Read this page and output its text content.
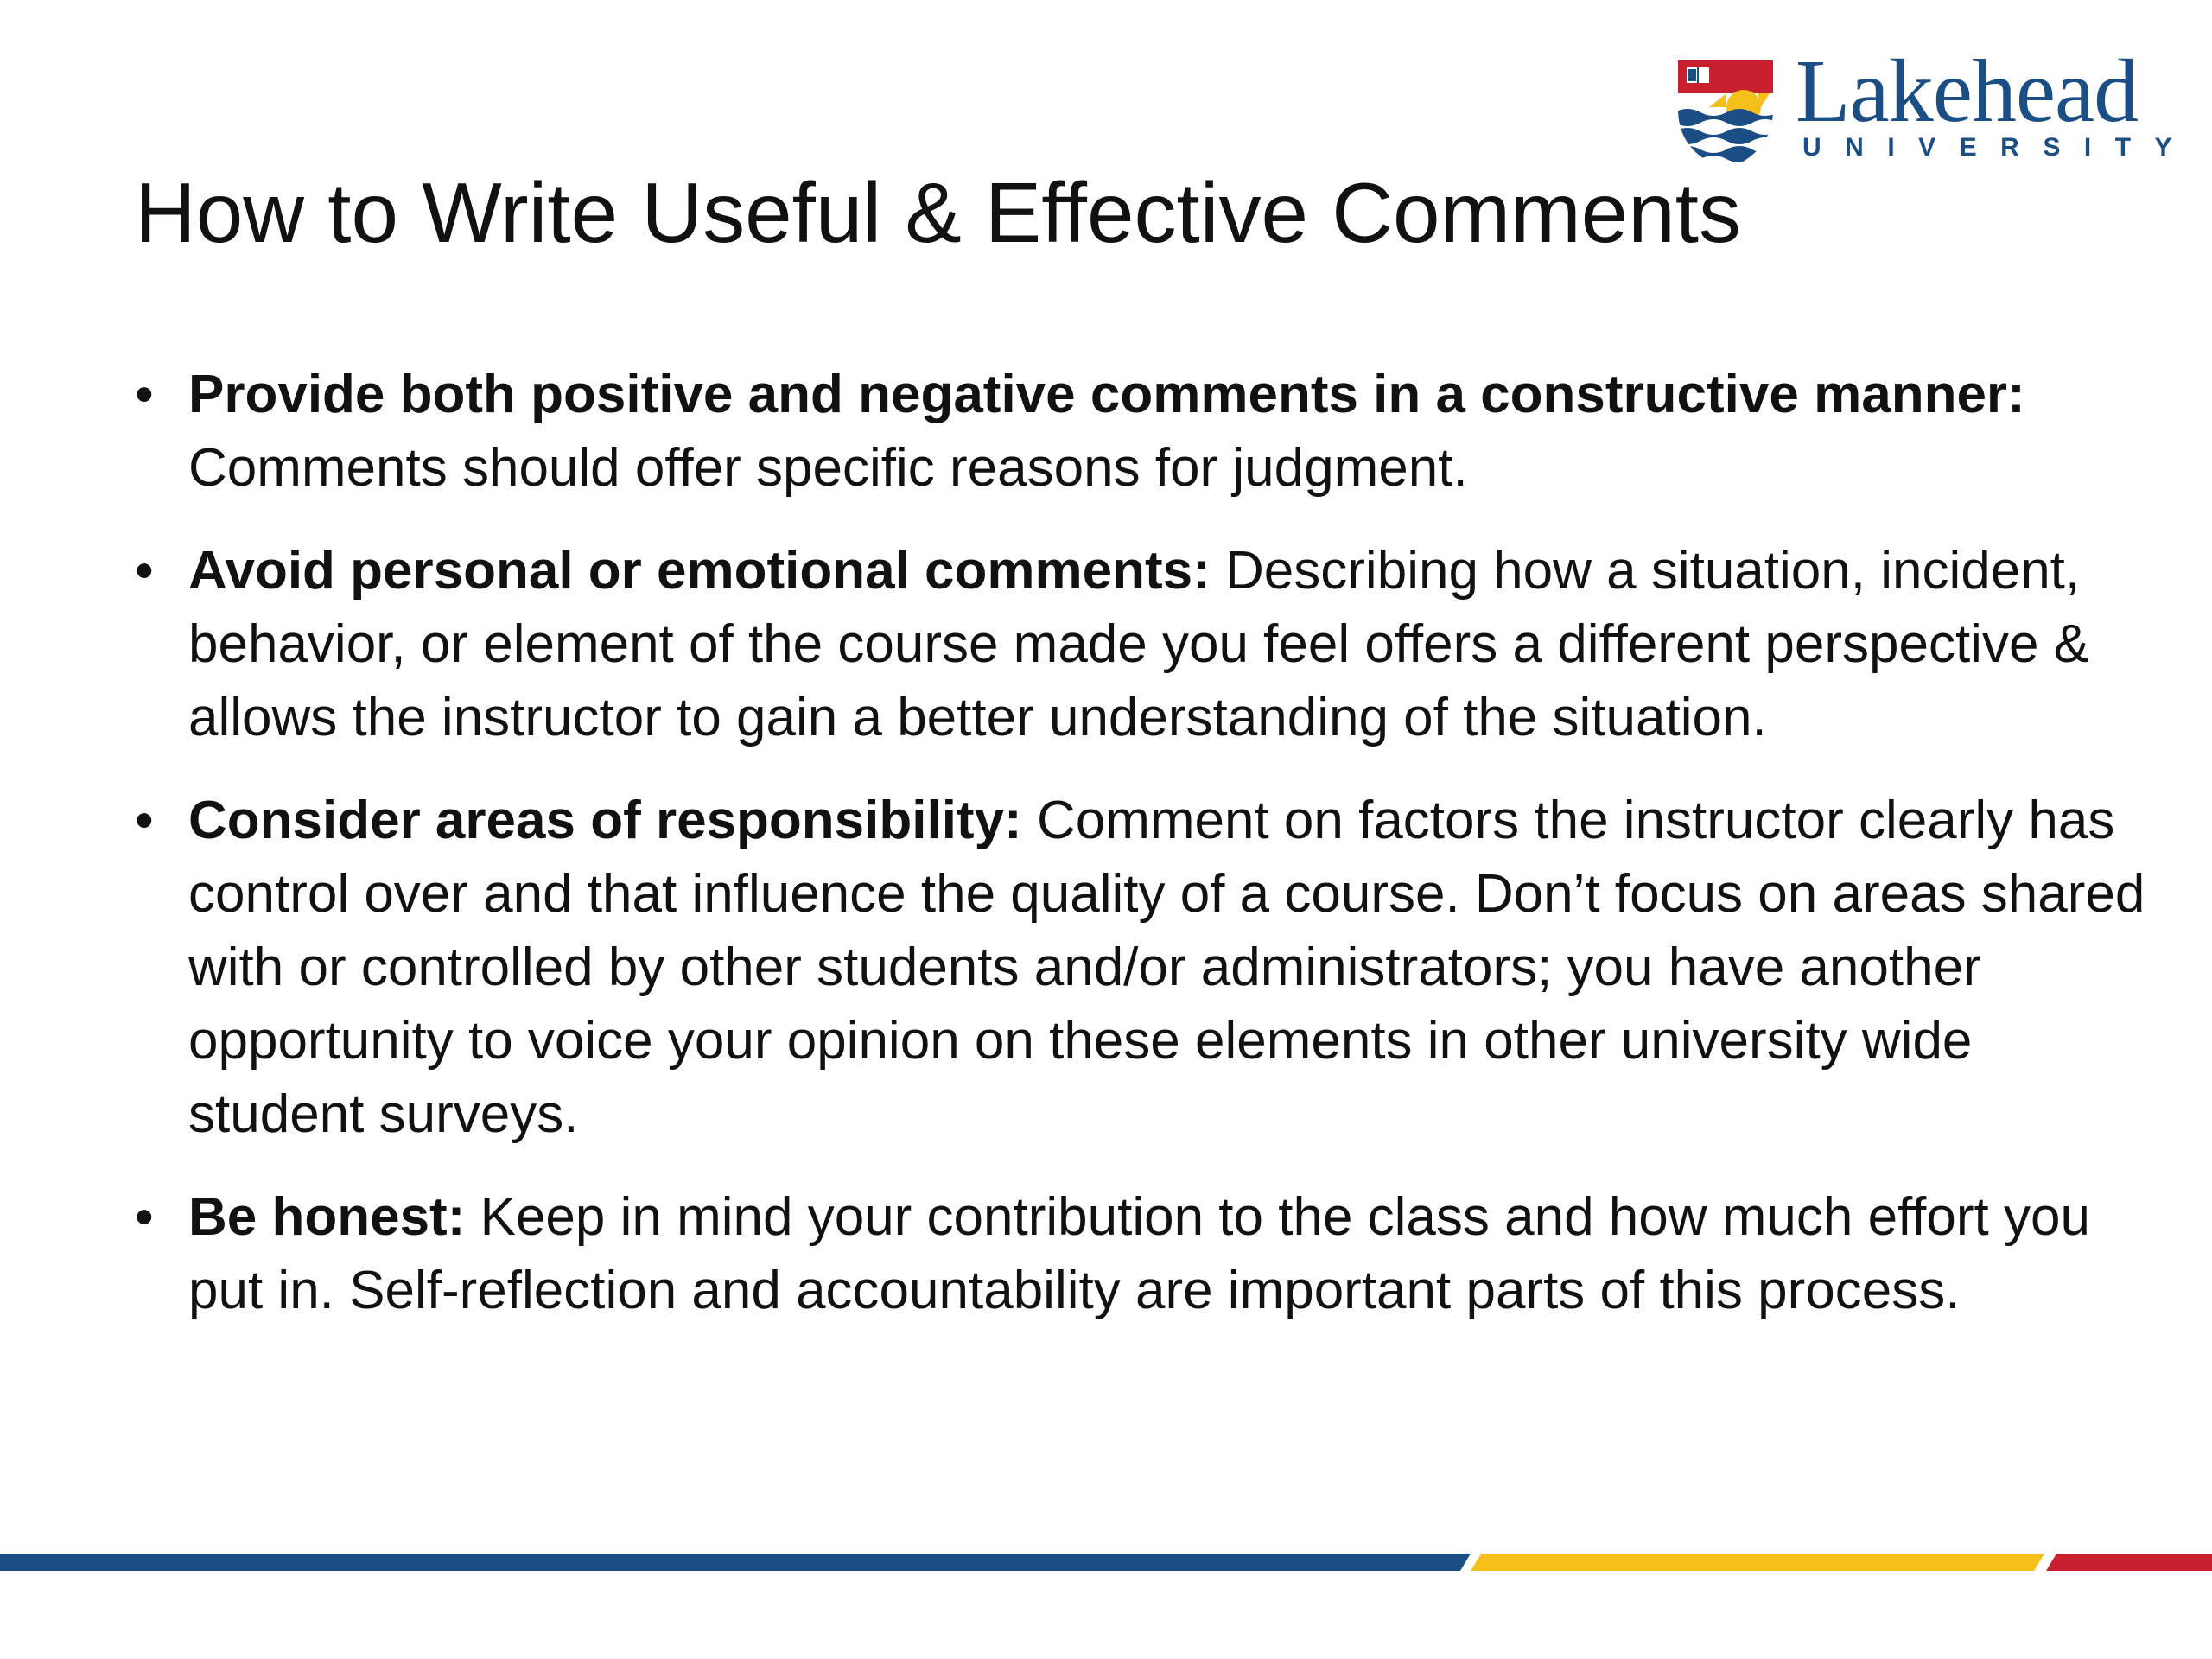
Lakehead
UNIVERSITY
How to Write Useful & Effective Comments
• Provide both positive and negative comments in a constructive manner: Comments should offer specific reasons for judgment.
• Avoid personal or emotional comments: Describing how a situation, incident, behavior, or element of the course made you feel offers a different perspective & allows the instructor to gain a better understanding of the situation.
• Consider areas of responsibility: Comment on factors the instructor clearly has control over and that influence the quality of a course. Don’t focus on areas shared with or controlled by other students and/or administrators; you have another opportunity to voice your opinion on these elements in other university wide student surveys.
• Be honest: Keep in mind your contribution to the class and how much effort you put in. Self-reflection and accountability are important parts of this process.
